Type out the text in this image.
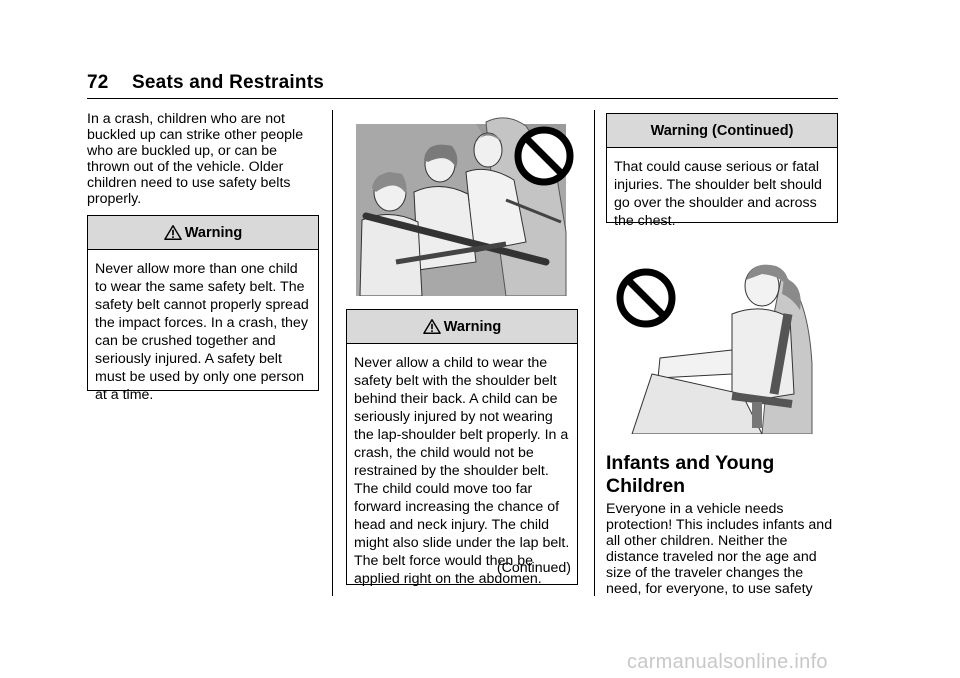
72 Seats and Restraints

In a crash, children who are not buckled up can strike other people who are buckled up, or can be thrown out of the vehicle. Older children need to use safety belts properly.

Warning
Never allow more than one child to wear the same safety belt. The safety belt cannot properly spread the impact forces. In a crash, they can be crushed together and seriously injured. A safety belt must be used by only one person at a time.
Warning
Never allow a child to wear the safety belt with the shoulder belt behind their back. A child can be seriously injured by not wearing the lap-shoulder belt properly. In a crash, the child would not be restrained by the shoulder belt. The child could move too far forward increasing the chance of head and neck injury. The child might also slide under the lap belt. The belt force would then be applied right on the abdomen.
(Continued)
Warning (Continued)
That could cause serious or fatal injuries. The shoulder belt should go over the shoulder and across the chest.
Infants and Young Children

Everyone in a vehicle needs protection! This includes infants and all other children. Neither the distance traveled nor the age and size of the traveler changes the need, for everyone, to use safety

carmanualsonline.info
